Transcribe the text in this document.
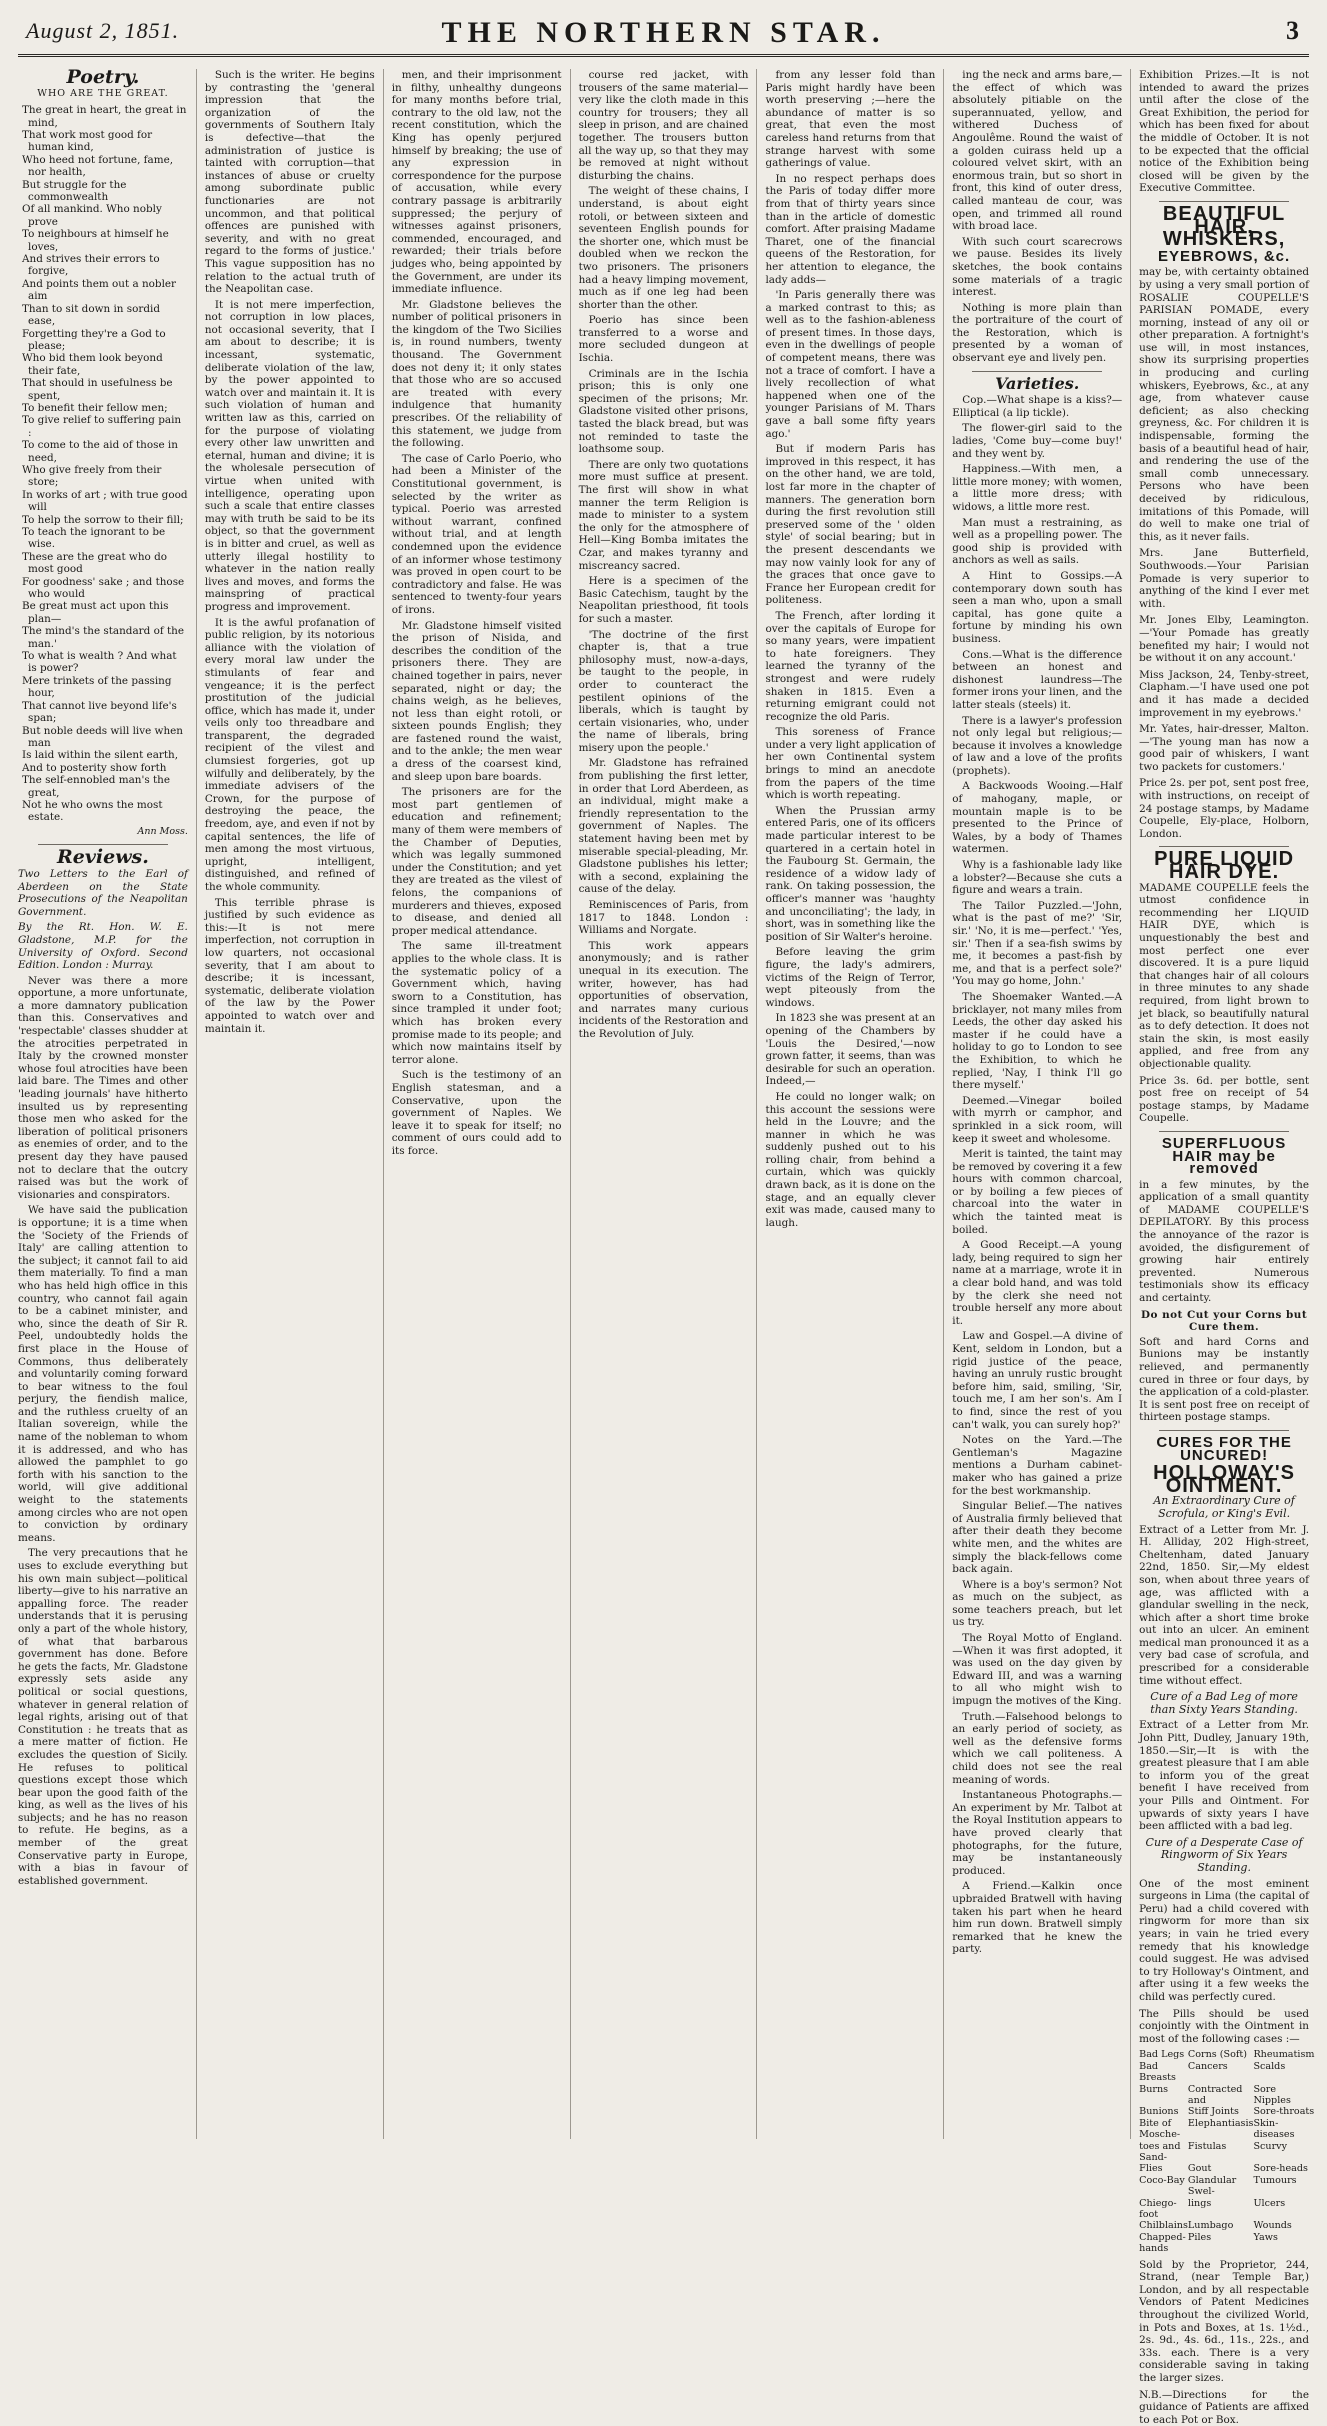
August 2, 1851.	THE NORTHERN STAR.	3
Poetry.
WHO ARE THE GREAT.

The great in heart, the great in mind,

That work most good for human kind,

Who heed not fortune, fame, nor health,

But struggle for the commonwealth

Of all mankind. Who nobly prove

To neighbours at himself he loves,

And strives their errors to forgive,

And points them out a nobler aim

Than to sit down in sordid ease,

Forgetting they're a God to please;

Who bid them look beyond their fate,

That should in usefulness be spent,

To benefit their fellow men;

To give relief to suffering pain :

To come to the aid of those in need,

Who give freely from their store;

In works of art ; with true good will

To help the sorrow to their fill;

To teach the ignorant to be wise.

These are the great who do most good

For goodness' sake ; and those who would

Be great must act upon this plan—

The mind's the standard of the man.'

To what is wealth ? And what is power?

Mere trinkets of the passing hour,

That cannot live beyond life's span;

But noble deeds will live when man

Is laid within the silent earth,

And to posterity show forth

The self-ennobled man's the great,

Not he who owns the most estate.

Ann Moss.
Reviews.

Two Letters to the Earl of Aberdeen on the State Prosecutions of the Neapolitan Government.

By the Rt. Hon. W. E. Gladstone, M.P. for the University of Oxford. Second Edition. London : Murray.

Never was there a more opportune, a more unfortunate, a more damnatory publication than this. Conservatives and 'respectable' classes shudder at the atrocities perpetrated in Italy by the crowned monster whose foul atrocities have been laid bare. The Times and other 'leading journals' have hitherto insulted us by representing those men who asked for the liberation of political prisoners as enemies of order, and to the present day they have paused not to declare that the outcry raised was but the work of visionaries and conspirators.

We have said the publication is opportune; it is a time when the 'Society of the Friends of Italy' are calling attention to the subject; it cannot fail to aid them materially. To find a man who has held high office in this country, who cannot fail again to be a cabinet minister, and who, since the death of Sir R. Peel, undoubtedly holds the first place in the House of Commons, thus deliberately and voluntarily coming forward to bear witness to the foul perjury, the fiendish malice, and the ruthless cruelty of an Italian sovereign, while the name of the nobleman to whom it is addressed, and who has allowed the pamphlet to go forth with his sanction to the world, will give additional weight to the statements among circles who are not open to conviction by ordinary means.

The very precautions that he uses to exclude everything but his own main subject—political liberty—give to his narrative an appalling force. The reader understands that it is perusing only a part of the whole history, of what that barbarous government has done. Before he gets the facts, Mr. Gladstone expressly sets aside any political or social questions, whatever in general relation of legal rights, arising out of that Constitution : he treats that as a mere matter of fiction. He excludes the question of Sicily. He refuses to political questions except those which bear upon the good faith of the king, as well as the lives of his subjects; and he has no reason to refute. He begins, as a member of the great Conservative party in Europe, with a bias in favour of established government.

Such is the writer. He begins by contrasting the 'general impression that the organization of the governments of Southern Italy is defective—that the administration of justice is tainted with corruption—that instances of abuse or cruelty among subordinate public functionaries are not uncommon, and that political offences are punished with severity, and with no great regard to the forms of justice.' This vague supposition has no relation to the actual truth of the Neapolitan case.

It is not mere imperfection, not corruption in low places, not occasional severity, that I am about to describe; it is incessant, systematic, deliberate violation of the law, by the power appointed to watch over and maintain it. It is such violation of human and written law as this, carried on for the purpose of violating every other law unwritten and eternal, human and divine; it is the wholesale persecution of virtue when united with intelligence, operating upon such a scale that entire classes may with truth be said to be its object, so that the government is in bitter and cruel, as well as utterly illegal hostility to whatever in the nation really lives and moves, and forms the mainspring of practical progress and improvement.

It is the awful profanation of public religion, by its notorious alliance with the violation of every moral law under the stimulants of fear and vengeance; it is the perfect prostitution of the judicial office, which has made it, under veils only too threadbare and transparent, the degraded recipient of the vilest and clumsiest forgeries, got up wilfully and deliberately, by the immediate advisers of the Crown, for the purpose of destroying the peace, the freedom, aye, and even if not by capital sentences, the life of men among the most virtuous, upright, intelligent, distinguished, and refined of the whole community.

This terrible phrase is justified by such evidence as this:—It is not mere imperfection, not corruption in low quarters, not occasional severity, that I am about to describe; it is incessant, systematic, deliberate violation of the law by the Power appointed to watch over and maintain it.

men, and their imprisonment in filthy, unhealthy dungeons for many months before trial, contrary to the old law, not the recent constitution, which the King has openly perjured himself by breaking; the use of any expression in correspondence for the purpose of accusation, while every contrary passage is arbitrarily suppressed; the perjury of witnesses against prisoners, commended, encouraged, and rewarded; their trials before judges who, being appointed by the Government, are under its immediate influence.

Mr. Gladstone believes the number of political prisoners in the kingdom of the Two Sicilies is, in round numbers, twenty thousand. The Government does not deny it; it only states that those who are so accused are treated with every indulgence that humanity prescribes. Of the reliability of this statement, we judge from the following.

The case of Carlo Poerio, who had been a Minister of the Constitutional government, is selected by the writer as typical. Poerio was arrested without warrant, confined without trial, and at length condemned upon the evidence of an informer whose testimony was proved in open court to be contradictory and false. He was sentenced to twenty-four years of irons.

Mr. Gladstone himself visited the prison of Nisida, and describes the condition of the prisoners there. They are chained together in pairs, never separated, night or day; the chains weigh, as he believes, not less than eight rotoli, or sixteen pounds English; they are fastened round the waist, and to the ankle; the men wear a dress of the coarsest kind, and sleep upon bare boards.

The prisoners are for the most part gentlemen of education and refinement; many of them were members of the Chamber of Deputies, which was legally summoned under the Constitution; and yet they are treated as the vilest of felons, the companions of murderers and thieves, exposed to disease, and denied all proper medical attendance.

The same ill-treatment applies to the whole class. It is the systematic policy of a Government which, having sworn to a Constitution, has since trampled it under foot; which has broken every promise made to its people; and which now maintains itself by terror alone.

Such is the testimony of an English statesman, and a Conservative, upon the government of Naples. We leave it to speak for itself; no comment of ours could add to its force.

course red jacket, with trousers of the same material—very like the cloth made in this country for trousers; they all sleep in prison, and are chained together. The trousers button all the way up, so that they may be removed at night without disturbing the chains.

The weight of these chains, I understand, is about eight rotoli, or between sixteen and seventeen English pounds for the shorter one, which must be doubled when we reckon the two prisoners. The prisoners had a heavy limping movement, much as if one leg had been shorter than the other.

Poerio has since been transferred to a worse and more secluded dungeon at Ischia.

Criminals are in the Ischia prison; this is only one specimen of the prisons; Mr. Gladstone visited other prisons, tasted the black bread, but was not reminded to taste the loathsome soup.

There are only two quotations more must suffice at present. The first will show in what manner the term Religion is made to minister to a system the only for the atmosphere of Hell—King Bomba imitates the Czar, and makes tyranny and miscreancy sacred.

Here is a specimen of the Basic Catechism, taught by the Neapolitan priesthood, fit tools for such a master.

'The doctrine of the first chapter is, that a true philosophy must, now-a-days, be taught to the people, in order to counteract the pestilent opinions of the liberals, which is taught by certain visionaries, who, under the name of liberals, bring misery upon the people.'

Mr. Gladstone has refrained from publishing the first letter, in order that Lord Aberdeen, as an individual, might make a friendly representation to the government of Naples. The statement having been met by miserable special-pleading, Mr. Gladstone publishes his letter; with a second, explaining the cause of the delay.

Reminiscences of Paris, from 1817 to 1848. London : Williams and Norgate.

This work appears anonymously; and is rather unequal in its execution. The writer, however, has had opportunities of observation, and narrates many curious incidents of the Restoration and the Revolution of July.

from any lesser fold than Paris might hardly have been worth preserving ;—here the abundance of matter is so great, that even the most careless hand returns from that strange harvest with some gatherings of value.

In no respect perhaps does the Paris of today differ more from that of thirty years since than in the article of domestic comfort. After praising Madame Tharet, one of the financial queens of the Restoration, for her attention to elegance, the lady adds—

'In Paris generally there was a marked contrast to this; as well as to the fashion-ableness of present times. In those days, even in the dwellings of people of competent means, there was not a trace of comfort. I have a lively recollection of what happened when one of the younger Parisians of M. Thars gave a ball some fifty years ago.'

But if modern Paris has improved in this respect, it has on the other hand, we are told, lost far more in the chapter of manners. The generation born during the first revolution still preserved some of the ' olden style' of social bearing; but in the present descendants we may now vainly look for any of the graces that once gave to France her European credit for politeness.

The French, after lording it over the capitals of Europe for so many years, were impatient to hate foreigners. They learned the tyranny of the strongest and were rudely shaken in 1815. Even a returning emigrant could not recognize the old Paris.

This soreness of France under a very light application of her own Continental system brings to mind an anecdote from the papers of the time which is worth repeating.

When the Prussian army entered Paris, one of its officers made particular interest to be quartered in a certain hotel in the Faubourg St. Germain, the residence of a widow lady of rank. On taking possession, the officer's manner was 'haughty and unconciliating'; the lady, in short, was in something like the position of Sir Walter's heroine.

Before leaving the grim figure, the lady's admirers, victims of the Reign of Terror, wept piteously from the windows.

In 1823 she was present at an opening of the Chambers by 'Louis the Desired,'—now grown fatter, it seems, than was desirable for such an operation. Indeed,—

He could no longer walk; on this account the sessions were held in the Louvre; and the manner in which he was suddenly pushed out to his rolling chair, from behind a curtain, which was quickly drawn back, as it is done on the stage, and an equally clever exit was made, caused many to laugh.

ing the neck and arms bare,—the effect of which was absolutely pitiable on the superannuated, yellow, and withered Duchess of Angoulême. Round the waist of a golden cuirass held up a coloured velvet skirt, with an enormous train, but so short in front, this kind of outer dress, called manteau de cour, was open, and trimmed all round with broad lace.

With such court scarecrows we pause. Besides its lively sketches, the book contains some materials of a tragic interest.

Nothing is more plain than the portraiture of the court of the Restoration, which is presented by a woman of observant eye and lively pen.

Varieties.

Cop.—What shape is a kiss?—Elliptical (a lip tickle).

The flower-girl said to the ladies, 'Come buy—come buy!' and they went by.

Happiness.—With men, a little more money; with women, a little more dress; with widows, a little more rest.

Man must a restraining, as well as a propelling power. The good ship is provided with anchors as well as sails.

A Hint to Gossips.—A contemporary down south has seen a man who, upon a small capital, has gone quite a fortune by minding his own business.

Cons.—What is the difference between an honest and dishonest laundress—The former irons your linen, and the latter steals (steels) it.

There is a lawyer's profession not only legal but religious;—because it involves a knowledge of law and a love of the profits (prophets).

A Backwoods Wooing.—Half of mahogany, maple, or mountain maple is to be presented to the Prince of Wales, by a body of Thames watermen.

Why is a fashionable lady like a lobster?—Because she cuts a figure and wears a train.

The Tailor Puzzled.—'John, what is the past of me?' 'Sir, sir.' 'No, it is me—perfect.' 'Yes, sir.' Then if a sea-fish swims by me, it becomes a past-fish by me, and that is a perfect sole?' 'You may go home, John.'

The Shoemaker Wanted.—A bricklayer, not many miles from Leeds, the other day asked his master if he could have a holiday to go to London to see the Exhibition, to which he replied, 'Nay, I think I'll go there myself.'

Deemed.—Vinegar boiled with myrrh or camphor, and sprinkled in a sick room, will keep it sweet and wholesome.

Merit is tainted, the taint may be removed by covering it a few hours with common charcoal, or by boiling a few pieces of charcoal into the water in which the tainted meat is boiled.

A Good Receipt.—A young lady, being required to sign her name at a marriage, wrote it in a clear bold hand, and was told by the clerk she need not trouble herself any more about it.

Law and Gospel.—A divine of Kent, seldom in London, but a rigid justice of the peace, having an unruly rustic brought before him, said, smiling, 'Sir, touch me, I am her son's. Am I to find, since the rest of you can't walk, you can surely hop?'

Notes on the Yard.—The Gentleman's Magazine mentions a Durham cabinet-maker who has gained a prize for the best workmanship.

Singular Belief.—The natives of Australia firmly believed that after their death they become white men, and the whites are simply the black-fellows come back again.

Where is a boy's sermon? Not as much on the subject, as some teachers preach, but let us try.

The Royal Motto of England.—When it was first adopted, it was used on the day given by Edward III, and was a warning to all who might wish to impugn the motives of the King.

Truth.—Falsehood belongs to an early period of society, as well as the defensive forms which we call politeness. A child does not see the real meaning of words.

Instantaneous Photographs.—An experiment by Mr. Talbot at the Royal Institution appears to have proved clearly that photographs, for the future, may be instantaneously produced.

A Friend.—Kalkin once upbraided Bratwell with having taken his part when he heard him run down. Bratwell simply remarked that he knew the party.

Exhibition Prizes.—It is not intended to award the prizes until after the close of the Great Exhibition, the period for which has been fixed for about the middle of October. It is not to be expected that the official notice of the Exhibition being closed will be given by the Executive Committee.

BEAUTIFUL HAIR, WHISKERS,
EYEBROWS, &c.

may be, with certainty obtained by using a very small portion of ROSALIE COUPELLE'S PARISIAN POMADE, every morning, instead of any oil or other preparation. A fortnight's use will, in most instances, show its surprising properties in producing and curling whiskers, Eyebrows, &c., at any age, from whatever cause deficient; as also checking greyness, &c. For children it is indispensable, forming the basis of a beautiful head of hair, and rendering the use of the small comb unnecessary. Persons who have been deceived by ridiculous, imitations of this Pomade, will do well to make one trial of this, as it never fails.

Mrs. Jane Butterfield, Southwoods.—Your Parisian Pomade is very superior to anything of the kind I ever met with.

Mr. Jones Elby, Leamington.—'Your Pomade has greatly benefited my hair; I would not be without it on any account.'

Miss Jackson, 24, Tenby-street, Clapham.—'I have used one pot and it has made a decided improvement in my eyebrows.'

Mr. Yates, hair-dresser, Malton.—'The young man has now a good pair of whiskers, I want two packets for customers.'

Price 2s. per pot, sent post free, with instructions, on receipt of 24 postage stamps, by Madame Coupelle, Ely-place, Holborn, London.

PURE LIQUID HAIR DYE.

MADAME COUPELLE feels the utmost confidence in recommending her LIQUID HAIR DYE, which is unquestionably the best and most perfect one ever discovered. It is a pure liquid that changes hair of all colours in three minutes to any shade required, from light brown to jet black, so beautifully natural as to defy detection. It does not stain the skin, is most easily applied, and free from any objectionable quality.

Price 3s. 6d. per bottle, sent post free on receipt of 54 postage stamps, by Madame Coupelle.

SUPERFLUOUS HAIR may be removed

in a few minutes, by the application of a small quantity of MADAME COUPELLE'S DEPILATORY. By this process the annoyance of the razor is avoided, the disfigurement of growing hair entirely prevented. Numerous testimonials show its efficacy and certainty.

Do not Cut your Corns but Cure them.

Soft and hard Corns and Bunions may be instantly relieved, and permanently cured in three or four days, by the application of a cold-plaster. It is sent post free on receipt of thirteen postage stamps.

CURES FOR THE UNCURED!
HOLLOWAY'S OINTMENT.
An Extraordinary Cure of Scrofula, or King's Evil.

Extract of a Letter from Mr. J. H. Alliday, 202 High-street, Cheltenham, dated January 22nd, 1850. Sir,—My eldest son, when about three years of age, was afflicted with a glandular swelling in the neck, which after a short time broke out into an ulcer. An eminent medical man pronounced it as a very bad case of scrofula, and prescribed for a considerable time without effect.

Cure of a Bad Leg of more than Sixty Years Standing.

Extract of a Letter from Mr. John Pitt, Dudley, January 19th, 1850.—Sir,—It is with the greatest pleasure that I am able to inform you of the great benefit I have received from your Pills and Ointment. For upwards of sixty years I have been afflicted with a bad leg.

Cure of a Desperate Case of Ringworm of Six Years Standing.

One of the most eminent surgeons in Lima (the capital of Peru) had a child covered with ringworm for more than six years; in vain he tried every remedy that his knowledge could suggest. He was advised to try Holloway's Ointment, and after using it a few weeks the child was perfectly cured.

The Pills should be used conjointly with the Ointment in most of the following cases :—

Bad Legs Corns (Soft) Rheumatism
Bad Breasts
Cancers	Scalds
Burns	Contracted and
Sore Nipples
Bunions Stiff Joints	Sore-throats
Bite of Mosche-
Elephantiasis Skin-diseases
toes and Sand-
Fistulas	Scurvy
Flies	Gout	Sore-heads
Coco-Bay Glandular Swel-
Tumours
Chiego-foot
lings	Ulcers
Chilblains Lumbago	Wounds
Chapped-hands
Piles	Yaws

Sold by the Proprietor, 244, Strand, (near Temple Bar,) London, and by all respectable Vendors of Patent Medicines throughout the civilized World, in Pots and Boxes, at 1s. 1½d., 2s. 9d., 4s. 6d., 11s., 22s., and 33s. each. There is a very considerable saving in taking the larger sizes.

N.B.—Directions for the guidance of Patients are affixed to each Pot or Box.
